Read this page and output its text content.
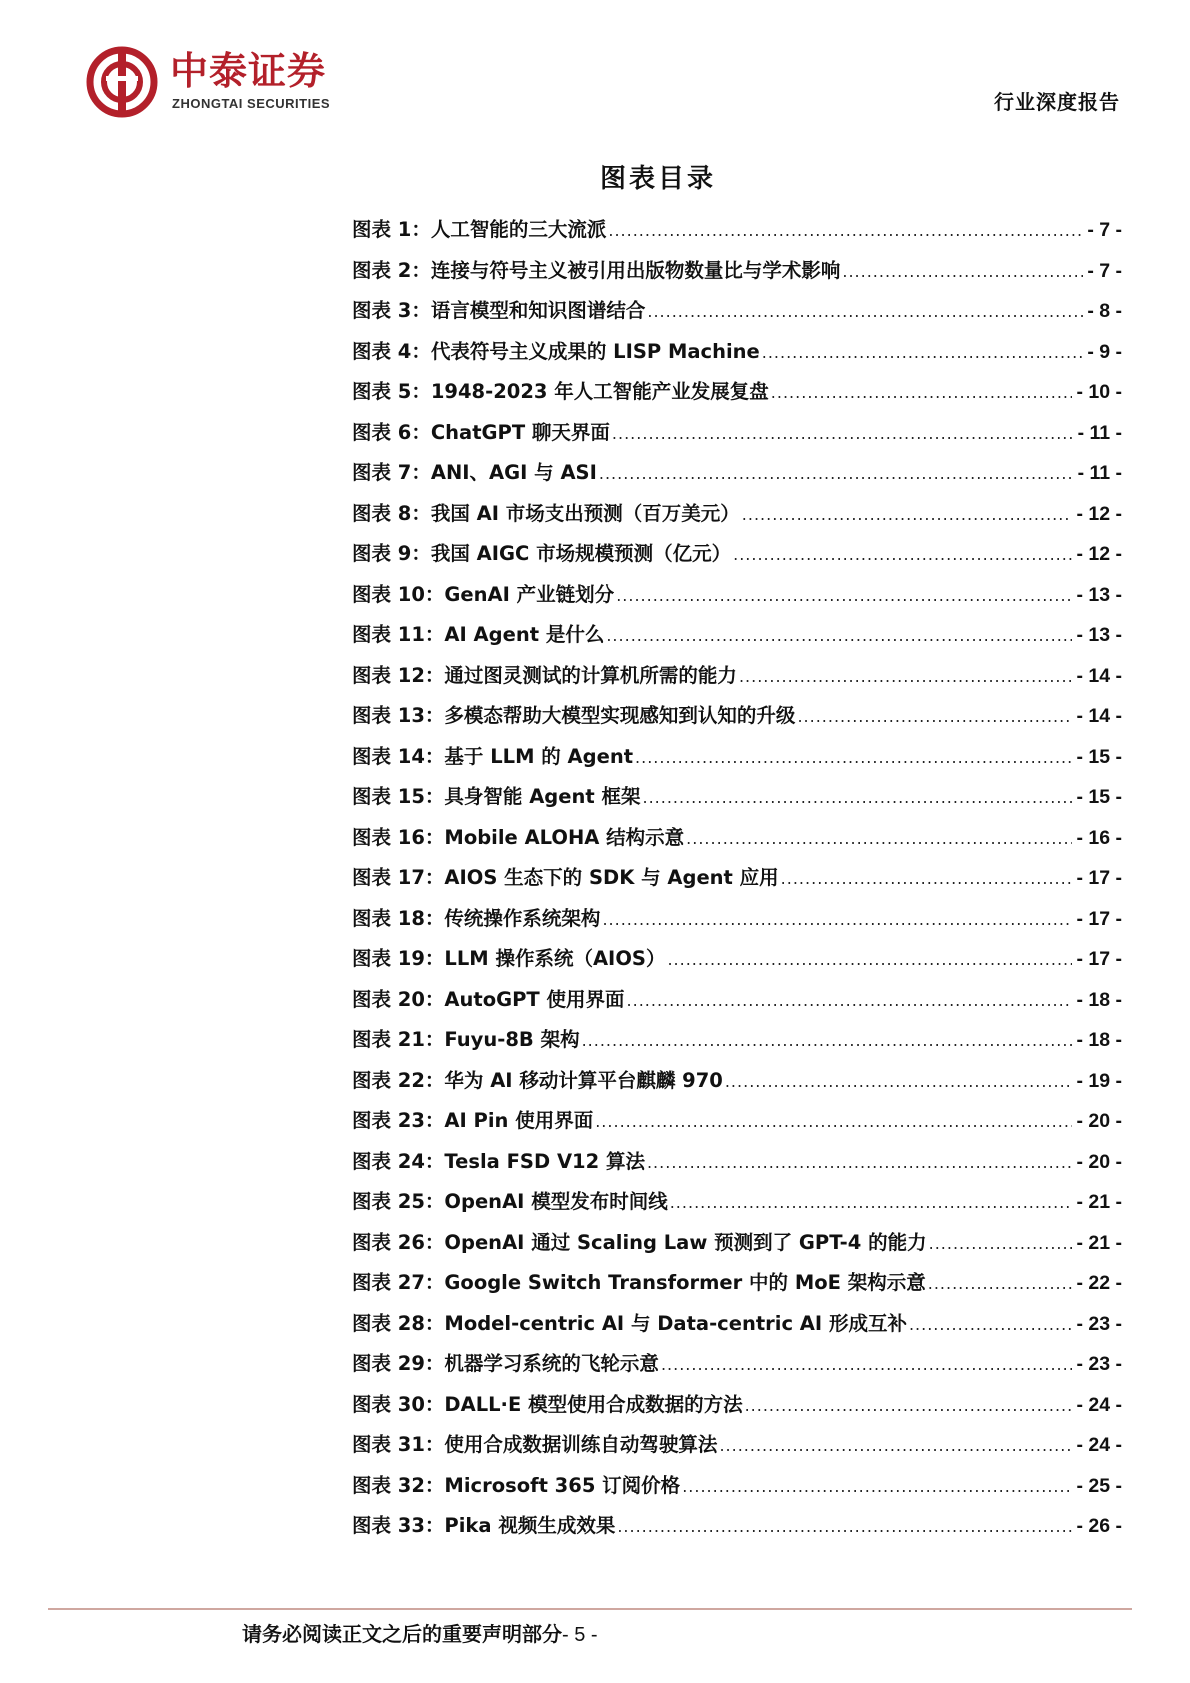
中泰证券
ZHONGTAI SECURITIES	行业深度报告
图表目录
图表 1：人工智能的三大流派 .....	- 7 -
图表 2：连接与符号主义被引用出版物数量比与学术影响 .....	- 7 -
图表 3：语言模型和知识图谱结合 .....	- 8 -
图表 4：代表符号主义成果的 LISP Machine .....	- 9 -
图表 5：1948-2023 年人工智能产业发展复盘 .....	- 10 -
图表 6：ChatGPT 聊天界面 .....	- 11 -
图表 7：ANI、AGI 与 ASI .....	- 11 -
图表 8：我国 AI 市场支出预测（百万美元） .....	- 12 -
图表 9：我国 AIGC 市场规模预测（亿元） .....	- 12 -
图表 10：GenAI 产业链划分 .....	- 13 -
图表 11：AI Agent 是什么 .....	- 13 -
图表 12：通过图灵测试的计算机所需的能力 .....	- 14 -
图表 13：多模态帮助大模型实现感知到认知的升级 .....	- 14 -
图表 14：基于 LLM 的 Agent .....	- 15 -
图表 15：具身智能 Agent 框架 .....	- 15 -
图表 16：Mobile ALOHA 结构示意 .....	- 16 -
图表 17：AIOS 生态下的 SDK 与 Agent 应用 .....	- 17 -
图表 18：传统操作系统架构 .....	- 17 -
图表 19：LLM 操作系统（AIOS） .....	- 17 -
图表 20：AutoGPT 使用界面 .....	- 18 -
图表 21：Fuyu-8B 架构 .....	- 18 -
图表 22：华为 AI 移动计算平台麒麟 970 .....	- 19 -
图表 23：AI Pin 使用界面 .....	- 20 -
图表 24：Tesla FSD V12 算法 .....	- 20 -
图表 25：OpenAI 模型发布时间线 .....	- 21 -
图表 26：OpenAI 通过 Scaling Law 预测到了 GPT-4 的能力 .....	- 21 -
图表 27：Google Switch Transformer 中的 MoE 架构示意 .....	- 22 -
图表 28：Model-centric AI 与 Data-centric AI 形成互补 .....	- 23 -
图表 29：机器学习系统的飞轮示意 .....	- 23 -
图表 30：DALL·E 模型使用合成数据的方法 .....	- 24 -
图表 31：使用合成数据训练自动驾驶算法 .....	- 24 -
图表 32：Microsoft 365 订阅价格 .....	- 25 -
图表 33：Pika 视频生成效果 .....	- 26 -
请务必阅读正文之后的重要声明部分- 5 -
